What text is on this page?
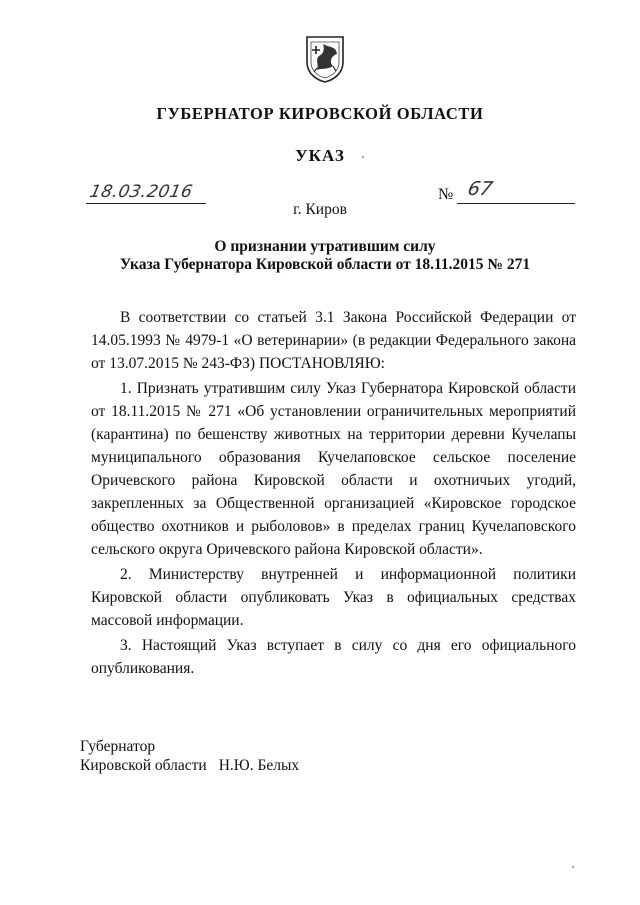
ГУБЕРНАТОР КИРОВСКОЙ ОБЛАСТИ
УКАЗ
18.03.2016	№ 67
г. Киров
О признании утратившим силу
Указа Губернатора Кировской области от 18.11.2015 № 271

В соответствии со статьей 3.1 Закона Российской Федерации от 14.05.1993 № 4979-1 «О ветеринарии» (в редакции Федерального закона от 13.07.2015 № 243-ФЗ) ПОСТАНОВЛЯЮ:

1. Признать утратившим силу Указ Губернатора Кировской области от 18.11.2015 № 271 «Об установлении ограничительных мероприятий (карантина) по бешенству животных на территории деревни Кучелапы муниципального образования Кучелаповское сельское поселение Оричевского района Кировской области и охотничьих угодий, закрепленных за Общественной организацией «Кировское городское общество охотников и рыболовов» в пределах границ Кучелаповского сельского округа Оричевского района Кировской области».

2. Министерству внутренней и информационной политики Кировской области опубликовать Указ в официальных средствах массовой информации.

3. Настоящий Указ вступает в силу со дня его официального опубликования.

Губернатор
Кировской области Н.Ю. Белых
